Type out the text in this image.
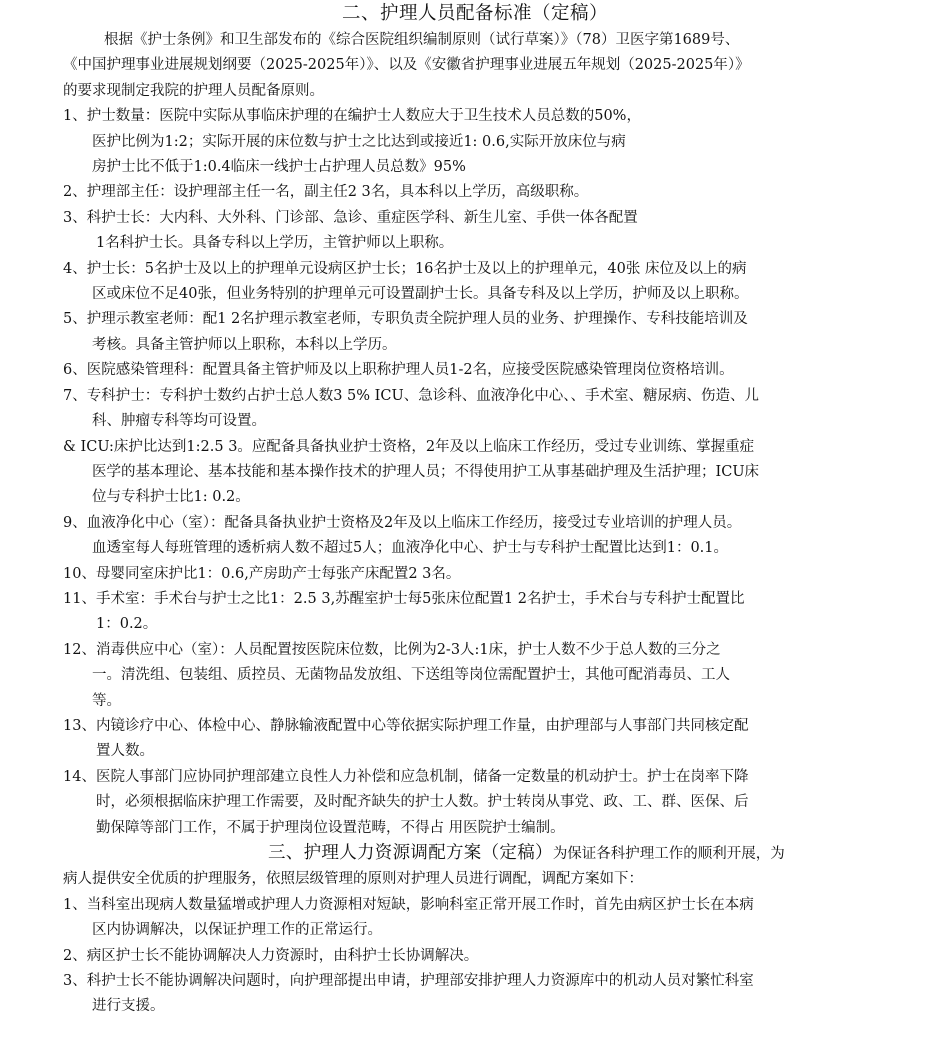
二、护理人员配备标准（定稿）
根据《护士条例》和卫生部发布的《综合医院组织编制原则（试行草案）》（78）卫医字第1689号、
《中国护理事业进展规划纲要（2025-2025年）》、以及《安徽省护理事业进展五年规划（2025-2025年）》
的要求现制定我院的护理人员配备原则。
1、护士数量：医院中实际从事临床护理的在编护士人数应大于卫生技术人员总数的50%，
医护比例为1:2；实际开展的床位数与护士之比达到或接近1: 0.6,实际开放床位与病
房护士比不低于1:0.4临床一线护士占护理人员总数》95%
2、护理部主任：设护理部主任一名，副主任2 3名，具本科以上学历，高级职称。
3、科护士长：大内科、大外科、门诊部、急诊、重症医学科、新生儿室、手供一体各配置
1名科护士长。具备专科以上学历，主管护师以上职称。
4、护士长：5名护士及以上的护理单元设病区护士长；16名护士及以上的护理单元，40张 床位及以上的病
区或床位不足40张，但业务特别的护理单元可设置副护士长。具备专科及以上学历，护师及以上职称。
5、护理示教室老师：配1 2名护理示教室老师，专职负责全院护理人员的业务、护理操作、专科技能培训及
考核。具备主管护师以上职称，本科以上学历。
6、医院感染管理科：配置具备主管护师及以上职称护理人员1-2名，应接受医院感染管理岗位资格培训。
7、专科护士：专科护士数约占护士总人数3 5% ICU、急诊科、血液净化中心、、手术室、糖尿病、伤造、儿
科、肿瘤专科等均可设置。
& ICU:床护比达到1:2.5 3。应配备具备执业护士资格，2年及以上临床工作经历，受过专业训练、掌握重症
医学的基本理论、基本技能和基本操作技术的护理人员；不得使用护工从事基础护理及生活护理；ICU床
位与专科护士比1: 0.2。
9、血液净化中心（室）：配备具备执业护士资格及2年及以上临床工作经历，接受过专业培训的护理人员。
血透室每人每班管理的透析病人数不超过5人；血液净化中心、护士与专科护士配置比达到1：0.1。
10、母婴同室床护比1：0.6,产房助产士每张产床配置2 3名。
11、手术室：手术台与护士之比1：2.5 3,苏醒室护士每5张床位配置1 2名护士，手术台与专科护士配置比
1：0.2。
12、消毒供应中心（室）：人员配置按医院床位数，比例为2-3人:1床，护士人数不少于总人数的三分之
一。清洗组、包装组、质控员、无菌物品发放组、下送组等岗位需配置护士，其他可配消毒员、工人
等。
13、内镜诊疗中心、体检中心、静脉输液配置中心等依据实际护理工作量，由护理部与人事部门共同核定配
置人数。
14、医院人事部门应协同护理部建立良性人力补偿和应急机制，储备一定数量的机动护士。护士在岗率下降
时，必须根据临床护理工作需要，及时配齐缺失的护士人数。护士转岗从事党、政、工、群、医保、后
勤保障等部门工作，不属于护理岗位设置范畴，不得占 用医院护士编制。
三、护理人力资源调配方案（定稿）为保证各科护理工作的顺利开展，为
病人提供安全优质的护理服务，依照层级管理的原则对护理人员进行调配，调配方案如下：
1、当科室出现病人数量猛增或护理人力资源相对短缺，影响科室正常开展工作时，首先由病区护士长在本病
区内协调解决，以保证护理工作的正常运行。
2、病区护士长不能协调解决人力资源时，由科护士长协调解决。
3、科护士长不能协调解决问题时，向护理部提出申请，护理部安排护理人力资源库中的机动人员对繁忙科室
进行支援。
